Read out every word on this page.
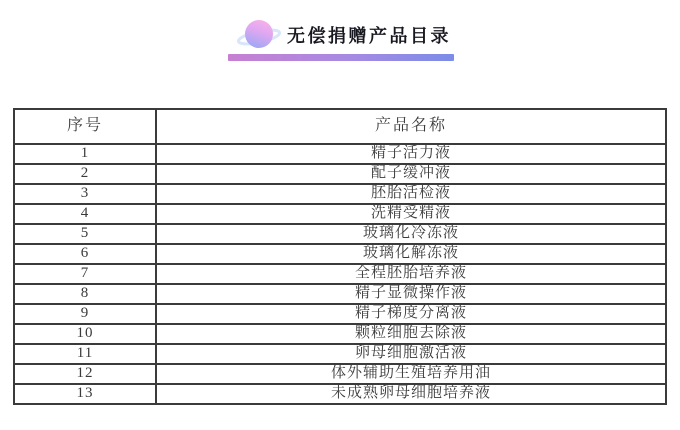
无偿捐赠产品目录
序号	产品名称
1	精子活力液
2	配子缓冲液
3	胚胎活检液
4	洗精受精液
5	玻璃化冷冻液
6	玻璃化解冻液
7	全程胚胎培养液
8	精子显微操作液
9	精子梯度分离液
10	颗粒细胞去除液
11	卵母细胞激活液
12	体外辅助生殖培养用油
13	未成熟卵母细胞培养液
